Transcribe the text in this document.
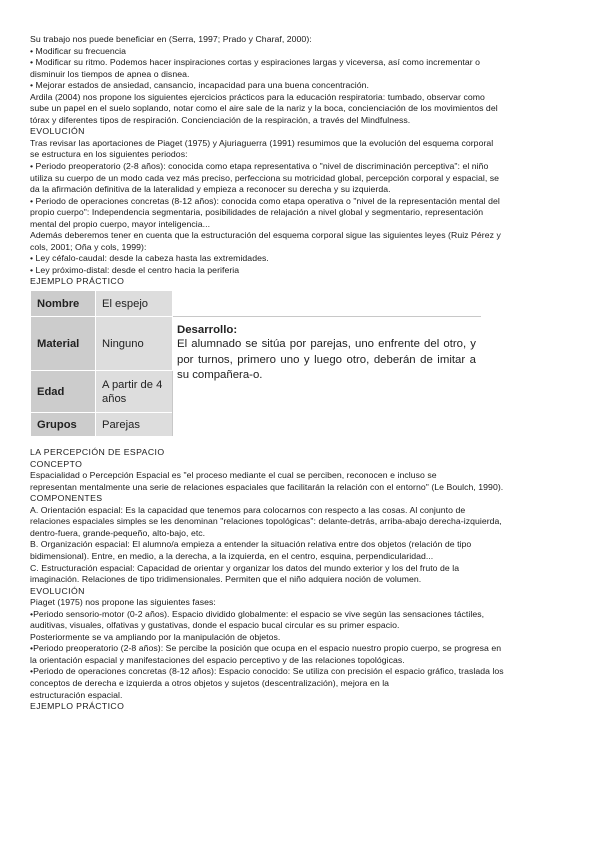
Su trabajo nos puede beneficiar en (Serra, 1997; Prado y Charaf, 2000):

• Modificar su frecuencia

• Modificar su ritmo. Podemos hacer inspiraciones cortas y espiraciones largas y viceversa, así como incrementar o

disminuir los tiempos de apnea o disnea.

• Mejorar estados de ansiedad, cansancio, incapacidad para una buena concentración.

Ardila (2004) nos propone los siguientes ejercicios prácticos para la educación respiratoria: tumbado, observar como

sube un papel en el suelo soplando, notar como el aire sale de la nariz y la boca, concienciación de los movimientos del

tórax y diferentes tipos de respiración. Concienciación de la respiración, a través del Mindfulness.

EVOLUCIÓN

Tras revisar las aportaciones de Piaget (1975) y Ajuriaguerra (1991) resumimos que la evolución del esquema corporal

se estructura en los siguientes periodos:

• Periodo preoperatorio (2-8 años): conocida como etapa representativa o "nivel de discriminación perceptiva": el niño

utiliza su cuerpo de un modo cada vez más preciso, perfecciona su motricidad global, percepción corporal y espacial, se

da la afirmación definitiva de la lateralidad y empieza a reconocer su derecha y su izquierda.

• Periodo de operaciones concretas (8-12 años): conocida como etapa operativa o "nivel de la representación mental del

propio cuerpo": Independencia segmentaria, posibilidades de relajación a nivel global y segmentario, representación

mental del propio cuerpo, mayor inteligencia...

Además deberemos tener en cuenta que la estructuración del esquema corporal sigue las siguientes leyes (Ruiz Pérez y

cols, 2001; Oña y cols, 1999):

• Ley céfalo-caudal: desde la cabeza hasta las extremidades.

• Ley próximo-distal: desde el centro hacia la periferia

EJEMPLO PRÁCTICO

Nombre	El espejo	
Material	Ninguno	Desarrollo:
El alumnado se sitúa por parejas, uno enfrente del otro, y por turnos, primero uno y luego otro, deberán de imitar a su compañera-o.

Edad	A partir de 4 años	
Grupos	Parejas	

LA PERCEPCIÓN DE ESPACIO

CONCEPTO

Espacialidad o Percepción Espacial es "el proceso mediante el cual se perciben, reconocen e incluso se

representan mentalmente una serie de relaciones espaciales que facilitarán la relación con el entorno" (Le Boulch, 1990).

COMPONENTES

A. Orientación espacial: Es la capacidad que tenemos para colocarnos con respecto a las cosas. Al conjunto de

relaciones espaciales simples se les denominan "relaciones topológicas": delante-detrás, arriba-abajo derecha-izquierda,

dentro-fuera, grande-pequeño, alto-bajo, etc.

B. Organización espacial: El alumno/a empieza a entender la situación relativa entre dos objetos (relación de tipo

bidimensional). Entre, en medio, a la derecha, a la izquierda, en el centro, esquina, perpendicularidad...

C. Estructuración espacial: Capacidad de orientar y organizar los datos del mundo exterior y los del fruto de la

imaginación. Relaciones de tipo tridimensionales. Permiten que el niño adquiera noción de volumen.

EVOLUCIÓN

Piaget (1975) nos propone las siguientes fases:

•Periodo sensorio-motor (0-2 años). Espacio dividido globalmente: el espacio se vive según las sensaciones táctiles,

auditivas, visuales, olfativas y gustativas, donde el espacio bucal circular es su primer espacio.

Posteriormente se va ampliando por la manipulación de objetos.

•Periodo preoperatorio (2-8 años): Se percibe la posición que ocupa en el espacio nuestro propio cuerpo, se progresa en

la orientación espacial y manifestaciones del espacio perceptivo y de las relaciones topológicas.

•Periodo de operaciones concretas (8-12 años): Espacio conocido: Se utiliza con precisión el espacio gráfico, traslada los

conceptos de derecha e izquierda a otros objetos y sujetos (descentralización), mejora en la

estructuración espacial.

EJEMPLO PRÁCTICO
